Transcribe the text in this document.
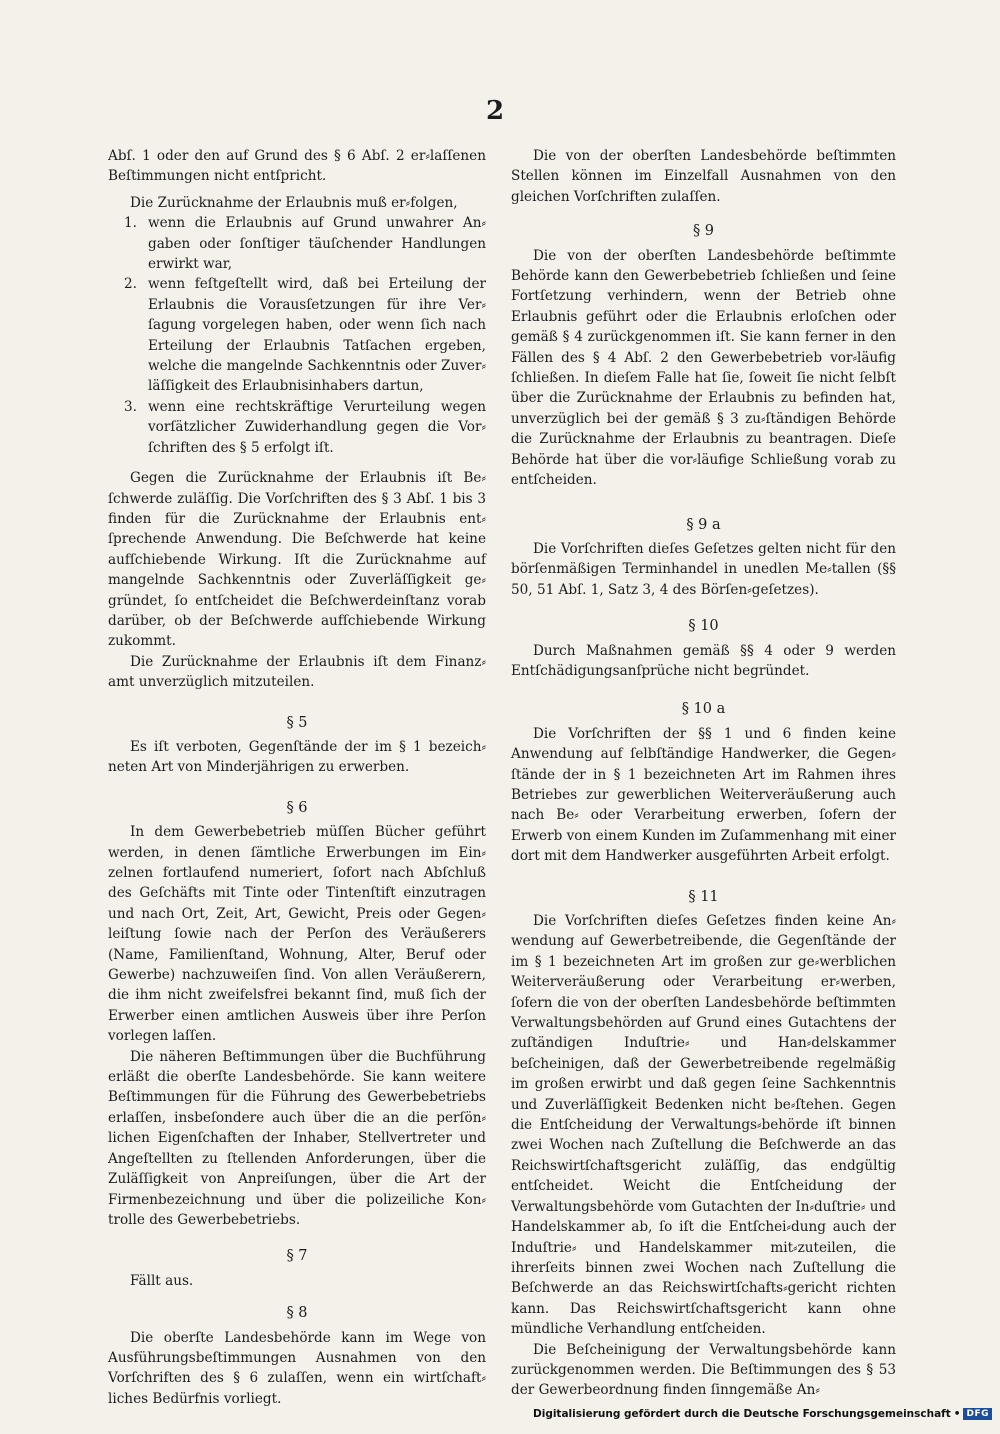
2

Abſ. 1 oder den auf Grund des § 6 Abſ. 2 er⸗laſſenen Beſtimmungen nicht entſpricht.

Die Zurücknahme der Erlaubnis muß er⸗folgen,

1. wenn die Erlaubnis auf Grund unwahrer An⸗gaben oder ſonſtiger täuſchender Handlungen erwirkt war,
2. wenn feſtgeſtellt wird, daß bei Erteilung der Erlaubnis die Vorausſetzungen für ihre Ver⸗ſagung vorgelegen haben, oder wenn ſich nach Erteilung der Erlaubnis Tatſachen ergeben, welche die mangelnde Sachkenntnis oder Zuver⸗läſſigkeit des Erlaubnisinhabers dartun,
3. wenn eine rechtskräftige Verurteilung wegen vorſätzlicher Zuwiderhandlung gegen die Vor⸗ſchriften des § 5 erfolgt iſt.

Gegen die Zurücknahme der Erlaubnis iſt Be⸗ſchwerde zuläſſig. Die Vorſchriften des § 3 Abſ. 1 bis 3 finden für die Zurücknahme der Erlaubnis ent⸗ſprechende Anwendung. Die Beſchwerde hat keine aufſchiebende Wirkung. Iſt die Zurücknahme auf mangelnde Sachkenntnis oder Zuverläſſigkeit ge⸗gründet, ſo entſcheidet die Beſchwerdeinſtanz vorab darüber, ob der Beſchwerde aufſchiebende Wirkung zukommt.

Die Zurücknahme der Erlaubnis iſt dem Finanz⸗amt unverzüglich mitzuteilen.

§ 5

Es iſt verboten, Gegenſtände der im § 1 bezeich⸗neten Art von Minderjährigen zu erwerben.

§ 6

In dem Gewerbebetrieb müſſen Bücher geführt werden, in denen ſämtliche Erwerbungen im Ein⸗zelnen fortlaufend numeriert, ſofort nach Abſchluß des Geſchäfts mit Tinte oder Tintenſtift einzutragen und nach Ort, Zeit, Art, Gewicht, Preis oder Gegen⸗leiſtung ſowie nach der Perſon des Veräußerers (Name, Familienſtand, Wohnung, Alter, Beruf oder Gewerbe) nachzuweiſen ſind. Von allen Veräußerern, die ihm nicht zweifelsfrei bekannt ſind, muß ſich der Erwerber einen amtlichen Ausweis über ihre Perſon vorlegen laſſen.

Die näheren Beſtimmungen über die Buchführung erläßt die oberſte Landesbehörde. Sie kann weitere Beſtimmungen für die Führung des Gewerbebetriebs erlaſſen, insbeſondere auch über die an die perſön⸗lichen Eigenſchaften der Inhaber, Stellvertreter und Angeſtellten zu ſtellenden Anforderungen, über die Zuläſſigkeit von Anpreiſungen, über die Art der Firmenbezeichnung und über die polizeiliche Kon⸗trolle des Gewerbebetriebs.

§ 7

Fällt aus.

§ 8

Die oberſte Landesbehörde kann im Wege von Ausführungsbeſtimmungen Ausnahmen von den Vorſchriften des § 6 zulaſſen, wenn ein wirtſchaft⸗liches Bedürfnis vorliegt.

Die von der oberſten Landesbehörde beſtimmten Stellen können im Einzelfall Ausnahmen von den gleichen Vorſchriften zulaſſen.

§ 9

Die von der oberſten Landesbehörde beſtimmte Behörde kann den Gewerbebetrieb ſchließen und ſeine Fortſetzung verhindern, wenn der Betrieb ohne Erlaubnis geführt oder die Erlaubnis erloſchen oder gemäß § 4 zurückgenommen iſt. Sie kann ferner in den Fällen des § 4 Abſ. 2 den Gewerbebetrieb vor⸗läufig ſchließen. In dieſem Falle hat ſie, ſoweit ſie nicht ſelbſt über die Zurücknahme der Erlaubnis zu befinden hat, unverzüglich bei der gemäß § 3 zu⸗ſtändigen Behörde die Zurücknahme der Erlaubnis zu beantragen. Dieſe Behörde hat über die vor⸗läufige Schließung vorab zu entſcheiden.

§ 9 a

Die Vorſchriften dieſes Geſetzes gelten nicht für den börſenmäßigen Terminhandel in unedlen Me⸗tallen (§§ 50, 51 Abſ. 1, Satz 3, 4 des Börſen⸗geſetzes).

§ 10

Durch Maßnahmen gemäß §§ 4 oder 9 werden Entſchädigungsanſprüche nicht begründet.

§ 10 a

Die Vorſchriften der §§ 1 und 6 finden keine Anwendung auf ſelbſtändige Handwerker, die Gegen⸗ſtände der in § 1 bezeichneten Art im Rahmen ihres Betriebes zur gewerblichen Weiterveräußerung auch nach Be⸗ oder Verarbeitung erwerben, ſofern der Erwerb von einem Kunden im Zuſammenhang mit einer dort mit dem Handwerker ausgeführten Arbeit erfolgt.

§ 11

Die Vorſchriften dieſes Geſetzes finden keine An⸗wendung auf Gewerbetreibende, die Gegenſtände der im § 1 bezeichneten Art im großen zur ge⸗werblichen Weiterveräußerung oder Verarbeitung er⸗werben, ſofern die von der oberſten Landesbehörde beſtimmten Verwaltungsbehörden auf Grund eines Gutachtens der zuſtändigen Induſtrie⸗ und Han⸗delskammer beſcheinigen, daß der Gewerbetreibende regelmäßig im großen erwirbt und daß gegen ſeine Sachkenntnis und Zuverläſſigkeit Bedenken nicht be⸗ſtehen. Gegen die Entſcheidung der Verwaltungs⸗behörde iſt binnen zwei Wochen nach Zuſtellung die Beſchwerde an das Reichswirtſchaftsgericht zuläſſig, das endgültig entſcheidet. Weicht die Entſcheidung der Verwaltungsbehörde vom Gutachten der In⸗duſtrie⸗ und Handelskammer ab, ſo iſt die Entſchei⸗dung auch der Induſtrie⸗ und Handelskammer mit⸗zuteilen, die ihrerſeits binnen zwei Wochen nach Zuſtellung die Beſchwerde an das Reichswirtſchafts⸗gericht richten kann. Das Reichswirtſchaftsgericht kann ohne mündliche Verhandlung entſcheiden.

Die Beſcheinigung der Verwaltungsbehörde kann zurückgenommen werden. Die Beſtimmungen des § 53 der Gewerbeordnung finden ſinngemäße An⸗

Digitalisierung gefördert durch die Deutsche Forschungsgemeinschaft • DFG
